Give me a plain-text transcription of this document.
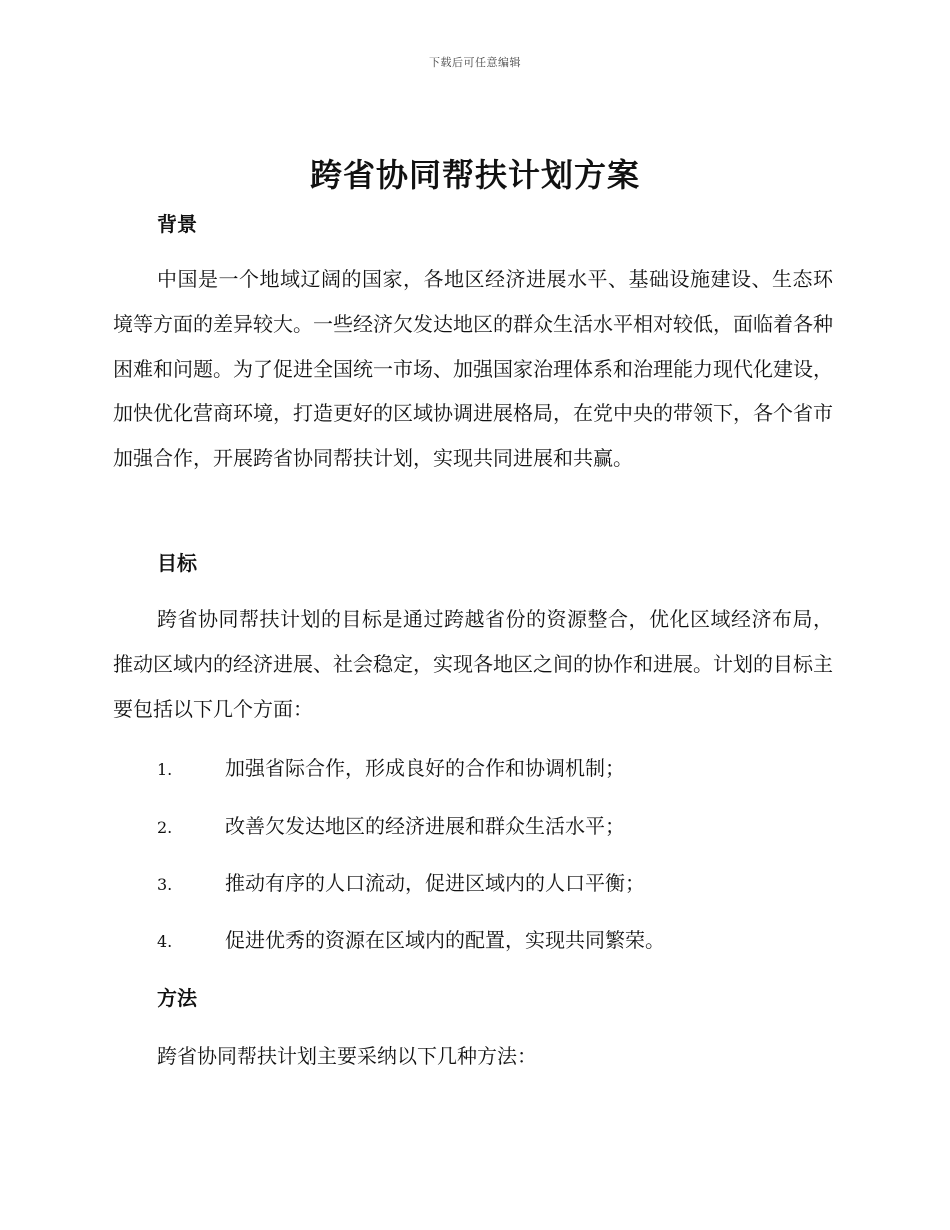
下载后可任意编辑
跨省协同帮扶计划方案
背景

中国是一个地域辽阔的国家，各地区经济进展水平、基础设施建设、生态环境等方面的差异较大。一些经济欠发达地区的群众生活水平相对较低，面临着各种困难和问题。为了促进全国统一市场、加强国家治理体系和治理能力现代化建设，加快优化营商环境，打造更好的区域协调进展格局，在党中央的带领下，各个省市加强合作，开展跨省协同帮扶计划，实现共同进展和共赢。

目标

跨省协同帮扶计划的目标是通过跨越省份的资源整合，优化区域经济布局，推动区域内的经济进展、社会稳定，实现各地区之间的协作和进展。计划的目标主要包括以下几个方面：

1.	加强省际合作，形成良好的合作和协调机制；
2.	改善欠发达地区的经济进展和群众生活水平；
3.	推动有序的人口流动，促进区域内的人口平衡；
4.	促进优秀的资源在区域内的配置，实现共同繁荣。
方法

跨省协同帮扶计划主要采纳以下几种方法：
